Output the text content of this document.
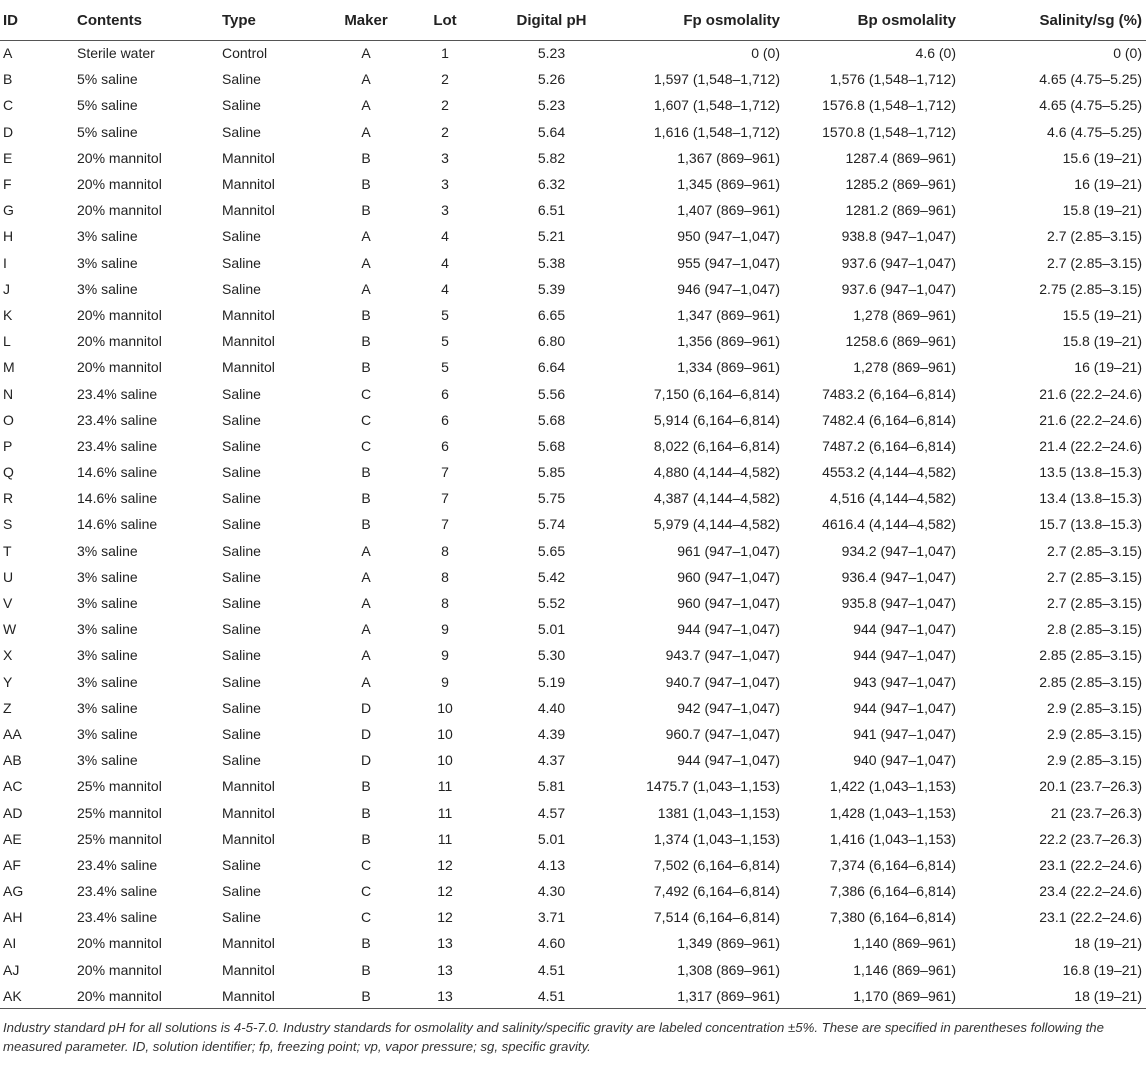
ID	Contents	Type	Maker	Lot	Digital pH	Fp osmolality	Bp osmolality	Salinity/sg (%)
A	Sterile water	Control	A	1	5.23	0 (0)	4.6 (0)	0 (0)
B	5% saline	Saline	A	2	5.26	1,597 (1,548–1,712)	1,576 (1,548–1,712)	4.65 (4.75–5.25)
C	5% saline	Saline	A	2	5.23	1,607 (1,548–1,712)	1576.8 (1,548–1,712)	4.65 (4.75–5.25)
D	5% saline	Saline	A	2	5.64	1,616 (1,548–1,712)	1570.8 (1,548–1,712)	4.6 (4.75–5.25)
E	20% mannitol	Mannitol	B	3	5.82	1,367 (869–961)	1287.4 (869–961)	15.6 (19–21)
F	20% mannitol	Mannitol	B	3	6.32	1,345 (869–961)	1285.2 (869–961)	16 (19–21)
G	20% mannitol	Mannitol	B	3	6.51	1,407 (869–961)	1281.2 (869–961)	15.8 (19–21)
H	3% saline	Saline	A	4	5.21	950 (947–1,047)	938.8 (947–1,047)	2.7 (2.85–3.15)
I	3% saline	Saline	A	4	5.38	955 (947–1,047)	937.6 (947–1,047)	2.7 (2.85–3.15)
J	3% saline	Saline	A	4	5.39	946 (947–1,047)	937.6 (947–1,047)	2.75 (2.85–3.15)
K	20% mannitol	Mannitol	B	5	6.65	1,347 (869–961)	1,278 (869–961)	15.5 (19–21)
L	20% mannitol	Mannitol	B	5	6.80	1,356 (869–961)	1258.6 (869–961)	15.8 (19–21)
M	20% mannitol	Mannitol	B	5	6.64	1,334 (869–961)	1,278 (869–961)	16 (19–21)
N	23.4% saline	Saline	C	6	5.56	7,150 (6,164–6,814)	7483.2 (6,164–6,814)	21.6 (22.2–24.6)
O	23.4% saline	Saline	C	6	5.68	5,914 (6,164–6,814)	7482.4 (6,164–6,814)	21.6 (22.2–24.6)
P	23.4% saline	Saline	C	6	5.68	8,022 (6,164–6,814)	7487.2 (6,164–6,814)	21.4 (22.2–24.6)
Q	14.6% saline	Saline	B	7	5.85	4,880 (4,144–4,582)	4553.2 (4,144–4,582)	13.5 (13.8–15.3)
R	14.6% saline	Saline	B	7	5.75	4,387 (4,144–4,582)	4,516 (4,144–4,582)	13.4 (13.8–15.3)
S	14.6% saline	Saline	B	7	5.74	5,979 (4,144–4,582)	4616.4 (4,144–4,582)	15.7 (13.8–15.3)
T	3% saline	Saline	A	8	5.65	961 (947–1,047)	934.2 (947–1,047)	2.7 (2.85–3.15)
U	3% saline	Saline	A	8	5.42	960 (947–1,047)	936.4 (947–1,047)	2.7 (2.85–3.15)
V	3% saline	Saline	A	8	5.52	960 (947–1,047)	935.8 (947–1,047)	2.7 (2.85–3.15)
W	3% saline	Saline	A	9	5.01	944 (947–1,047)	944 (947–1,047)	2.8 (2.85–3.15)
X	3% saline	Saline	A	9	5.30	943.7 (947–1,047)	944 (947–1,047)	2.85 (2.85–3.15)
Y	3% saline	Saline	A	9	5.19	940.7 (947–1,047)	943 (947–1,047)	2.85 (2.85–3.15)
Z	3% saline	Saline	D	10	4.40	942 (947–1,047)	944 (947–1,047)	2.9 (2.85–3.15)
AA	3% saline	Saline	D	10	4.39	960.7 (947–1,047)	941 (947–1,047)	2.9 (2.85–3.15)
AB	3% saline	Saline	D	10	4.37	944 (947–1,047)	940 (947–1,047)	2.9 (2.85–3.15)
AC	25% mannitol	Mannitol	B	11	5.81	1475.7 (1,043–1,153)	1,422 (1,043–1,153)	20.1 (23.7–26.3)
AD	25% mannitol	Mannitol	B	11	4.57	1381 (1,043–1,153)	1,428 (1,043–1,153)	21 (23.7–26.3)
AE	25% mannitol	Mannitol	B	11	5.01	1,374 (1,043–1,153)	1,416 (1,043–1,153)	22.2 (23.7–26.3)
AF	23.4% saline	Saline	C	12	4.13	7,502 (6,164–6,814)	7,374 (6,164–6,814)	23.1 (22.2–24.6)
AG	23.4% saline	Saline	C	12	4.30	7,492 (6,164–6,814)	7,386 (6,164–6,814)	23.4 (22.2–24.6)
AH	23.4% saline	Saline	C	12	3.71	7,514 (6,164–6,814)	7,380 (6,164–6,814)	23.1 (22.2–24.6)
AI	20% mannitol	Mannitol	B	13	4.60	1,349 (869–961)	1,140 (869–961)	18 (19–21)
AJ	20% mannitol	Mannitol	B	13	4.51	1,308 (869–961)	1,146 (869–961)	16.8 (19–21)
AK	20% mannitol	Mannitol	B	13	4.51	1,317 (869–961)	1,170 (869–961)	18 (19–21)
Industry standard pH for all solutions is 4-5-7.0. Industry standards for osmolality and salinity/specific gravity are labeled concentration ±5%. These are specified in parentheses following the measured parameter. ID, solution identifier; fp, freezing point; vp, vapor pressure; sg, specific gravity.
